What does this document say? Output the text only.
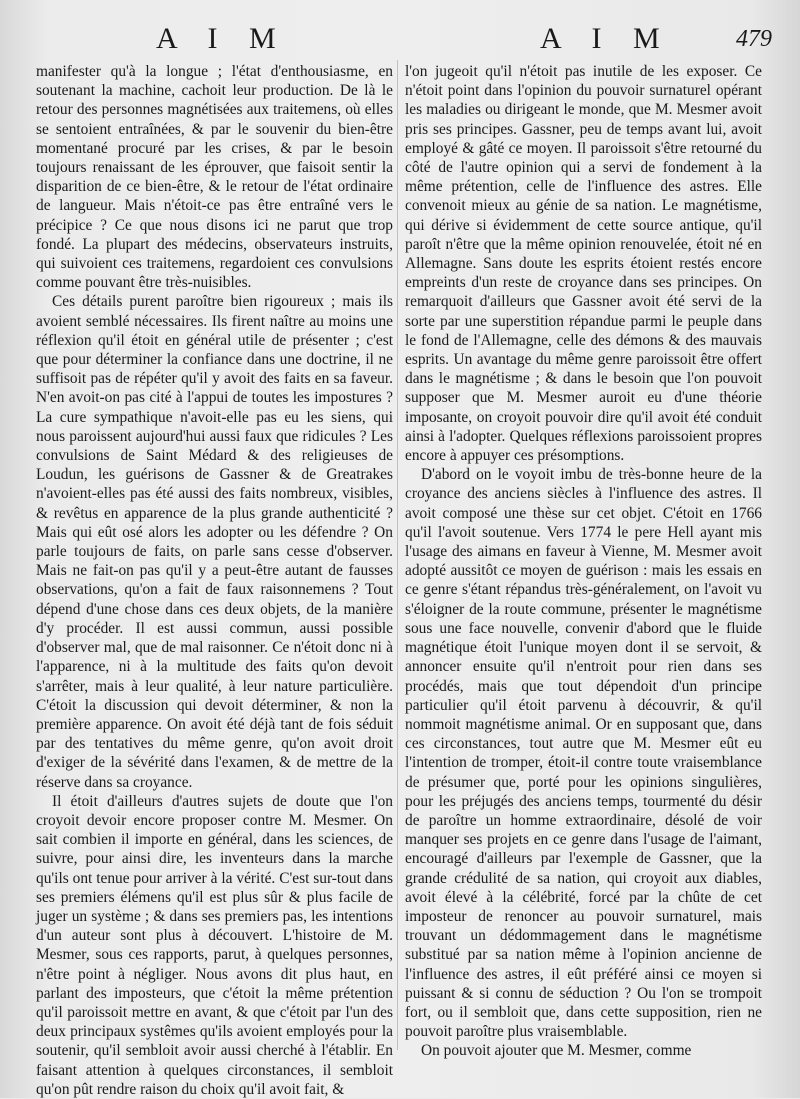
A I M	A I M	479

manifester qu'à la longue ; l'état d'enthousiasme, en soutenant la machine, cachoit leur production. De là le retour des personnes magnétisées aux traitemens, où elles se sentoient entraînées, & par le souvenir du bien-être momentané procuré par les crises, & par le besoin toujours renaissant de les éprouver, que faisoit sentir la disparition de ce bien-être, & le retour de l'état ordinaire de langueur. Mais n'étoit-ce pas être entraîné vers le précipice ? Ce que nous disons ici ne parut que trop fondé. La plupart des médecins, observateurs instruits, qui suivoient ces traitemens, regardoient ces convulsions comme pouvant être très-nuisibles.

Ces détails purent paroître bien rigoureux ; mais ils avoient semblé nécessaires. Ils firent naître au moins une réflexion qu'il étoit en général utile de présenter ; c'est que pour déterminer la confiance dans une doctrine, il ne suffisoit pas de répéter qu'il y avoit des faits en sa faveur. N'en avoit-on pas cité à l'appui de toutes les impostures ? La cure sympathique n'avoit-elle pas eu les siens, qui nous paroissent aujourd'hui aussi faux que ridicules ? Les convulsions de Saint Médard & des religieuses de Loudun, les guérisons de Gassner & de Greatrakes n'avoient-elles pas été aussi des faits nombreux, visibles, & revêtus en apparence de la plus grande authenticité ? Mais qui eût osé alors les adopter ou les défendre ? On parle toujours de faits, on parle sans cesse d'observer. Mais ne fait-on pas qu'il y a peut-être autant de fausses observations, qu'on a fait de faux raisonnemens ? Tout dépend d'une chose dans ces deux objets, de la manière d'y procéder. Il est aussi commun, aussi possible d'observer mal, que de mal raisonner. Ce n'étoit donc ni à l'apparence, ni à la multitude des faits qu'on devoit s'arrêter, mais à leur qualité, à leur nature particulière. C'étoit la discussion qui devoit déterminer, & non la première apparence. On avoit été déjà tant de fois séduit par des tentatives du même genre, qu'on avoit droit d'exiger de la sévérité dans l'examen, & de mettre de la réserve dans sa croyance.

Il étoit d'ailleurs d'autres sujets de doute que l'on croyoit devoir encore proposer contre M. Mesmer. On sait combien il importe en général, dans les sciences, de suivre, pour ainsi dire, les inventeurs dans la marche qu'ils ont tenue pour arriver à la vérité. C'est sur-tout dans ses premiers élémens qu'il est plus sûr & plus facile de juger un système ; & dans ses premiers pas, les intentions d'un auteur sont plus à découvert. L'histoire de M. Mesmer, sous ces rapports, parut, à quelques personnes, n'être point à négliger. Nous avons dit plus haut, en parlant des imposteurs, que c'étoit la même prétention qu'il paroissoit mettre en avant, & que c'étoit par l'un des deux principaux systêmes qu'ils avoient employés pour la soutenir, qu'il sembloit avoir aussi cherché à l'établir. En faisant attention à quelques circonstances, il sembloit qu'on pût rendre raison du choix qu'il avoit fait, &

l'on jugeoit qu'il n'étoit pas inutile de les exposer. Ce n'étoit point dans l'opinion du pouvoir surnaturel opérant les maladies ou dirigeant le monde, que M. Mesmer avoit pris ses principes. Gassner, peu de temps avant lui, avoit employé & gâté ce moyen. Il paroissoit s'être retourné du côté de l'autre opinion qui a servi de fondement à la même prétention, celle de l'influence des astres. Elle convenoit mieux au génie de sa nation. Le magnétisme, qui dérive si évidemment de cette source antique, qu'il paroît n'être que la même opinion renouvelée, étoit né en Allemagne. Sans doute les esprits étoient restés encore empreints d'un reste de croyance dans ses principes. On remarquoit d'ailleurs que Gassner avoit été servi de la sorte par une superstition répandue parmi le peuple dans le fond de l'Allemagne, celle des démons & des mauvais esprits. Un avantage du même genre paroissoit être offert dans le magnétisme ; & dans le besoin que l'on pouvoit supposer que M. Mesmer auroit eu d'une théorie imposante, on croyoit pouvoir dire qu'il avoit été conduit ainsi à l'adopter. Quelques réflexions paroissoient propres encore à appuyer ces présomptions.

D'abord on le voyoit imbu de très-bonne heure de la croyance des anciens siècles à l'influence des astres. Il avoit composé une thèse sur cet objet. C'étoit en 1766 qu'il l'avoit soutenue. Vers 1774 le pere Hell ayant mis l'usage des aimans en faveur à Vienne, M. Mesmer avoit adopté aussitôt ce moyen de guérison : mais les essais en ce genre s'étant répandus très-généralement, on l'avoit vu s'éloigner de la route commune, présenter le magnétisme sous une face nouvelle, convenir d'abord que le fluide magnétique étoit l'unique moyen dont il se servoit, & annoncer ensuite qu'il n'entroit pour rien dans ses procédés, mais que tout dépendoit d'un principe particulier qu'il étoit parvenu à découvrir, & qu'il nommoit magnétisme animal. Or en supposant que, dans ces circonstances, tout autre que M. Mesmer eût eu l'intention de tromper, étoit-il contre toute vraisemblance de présumer que, porté pour les opinions singulières, pour les préjugés des anciens temps, tourmenté du désir de paroître un homme extraordinaire, désolé de voir manquer ses projets en ce genre dans l'usage de l'aimant, encouragé d'ailleurs par l'exemple de Gassner, que la grande crédulité de sa nation, qui croyoit aux diables, avoit élevé à la célébrité, forcé par la chûte de cet imposteur de renoncer au pouvoir surnaturel, mais trouvant un dédommagement dans le magnétisme substitué par sa nation même à l'opinion ancienne de l'influence des astres, il eût préféré ainsi ce moyen si puissant & si connu de séduction ? Ou l'on se trompoit fort, ou il sembloit que, dans cette supposition, rien ne pouvoit paroître plus vraisemblable.

On pouvoit ajouter que M. Mesmer, comme
